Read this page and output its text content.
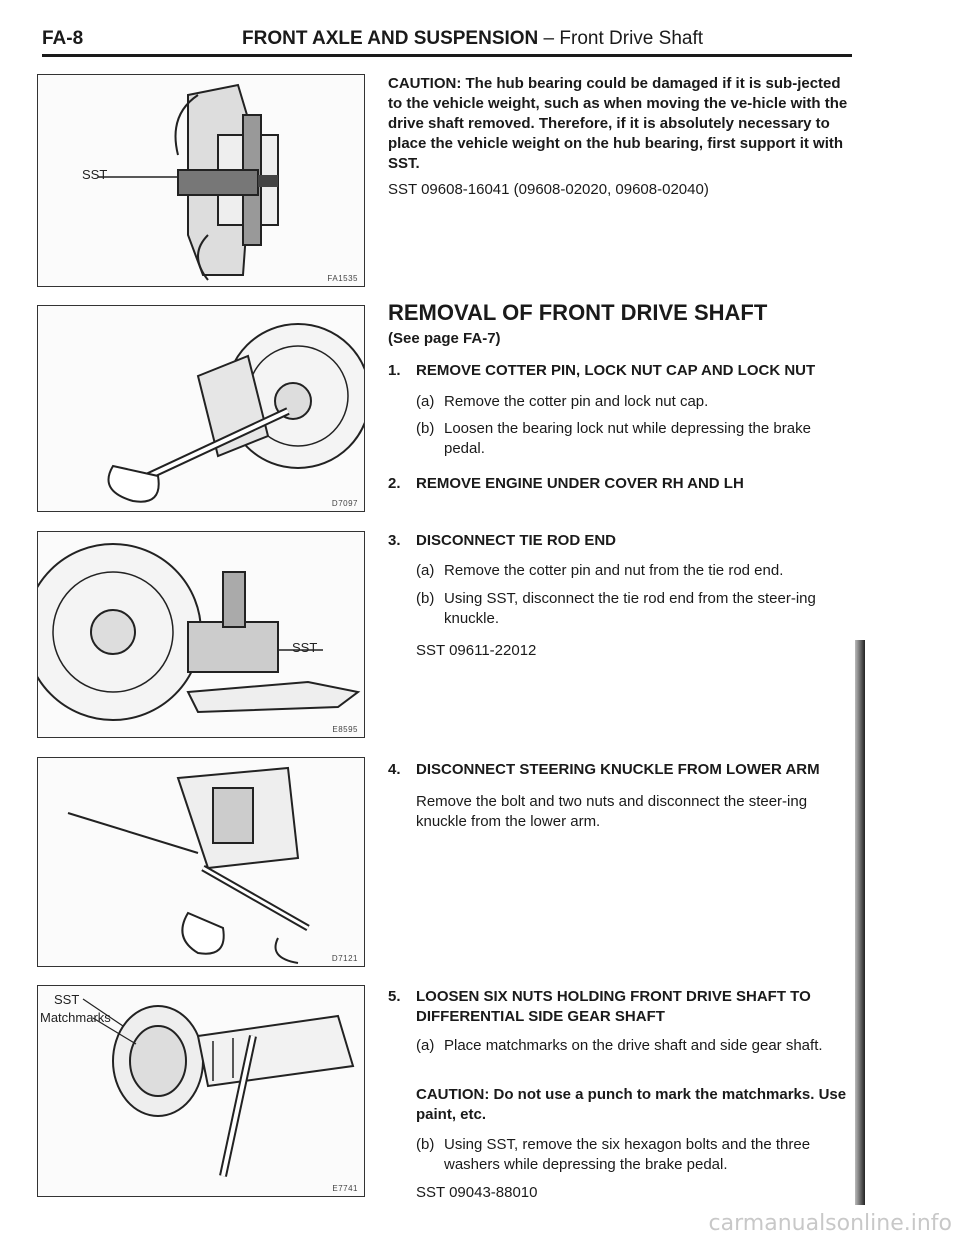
FA-8	FRONT AXLE AND SUSPENSION – Front Drive Shaft
SST
FA1535
D7097
SST
E8595
D7121
SST
Matchmarks
E7741
CAUTION: The hub bearing could be damaged if it is sub-jected to the vehicle weight, such as when moving the ve-hicle with the drive shaft removed. Therefore, if it is absolutely necessary to place the vehicle weight on the hub bearing, first support it with SST.
SST 09608-16041 (09608-02020, 09608-02040)
REMOVAL OF FRONT DRIVE SHAFT
(See page FA-7)
1. REMOVE COTTER PIN, LOCK NUT CAP AND LOCK NUT
(a) Remove the cotter pin and lock nut cap.
(b) Loosen the bearing lock nut while depressing the brake pedal.
2. REMOVE ENGINE UNDER COVER RH AND LH
3. DISCONNECT TIE ROD END
(a) Remove the cotter pin and nut from the tie rod end.
(b) Using SST, disconnect the tie rod end from the steer-ing knuckle.
SST 09611-22012
4. DISCONNECT STEERING KNUCKLE FROM LOWER ARM
Remove the bolt and two nuts and disconnect the steer-ing knuckle from the lower arm.
5.	LOOSEN SIX NUTS HOLDING FRONT DRIVE SHAFT TO DIFFERENTIAL SIDE GEAR SHAFT
(a) Place matchmarks on the drive shaft and side gear shaft.
CAUTION: Do not use a punch to mark the matchmarks. Use paint, etc.
(b) Using SST, remove the six hexagon bolts and the three washers while depressing the brake pedal.
SST 09043-88010
carmanualsonline.info
